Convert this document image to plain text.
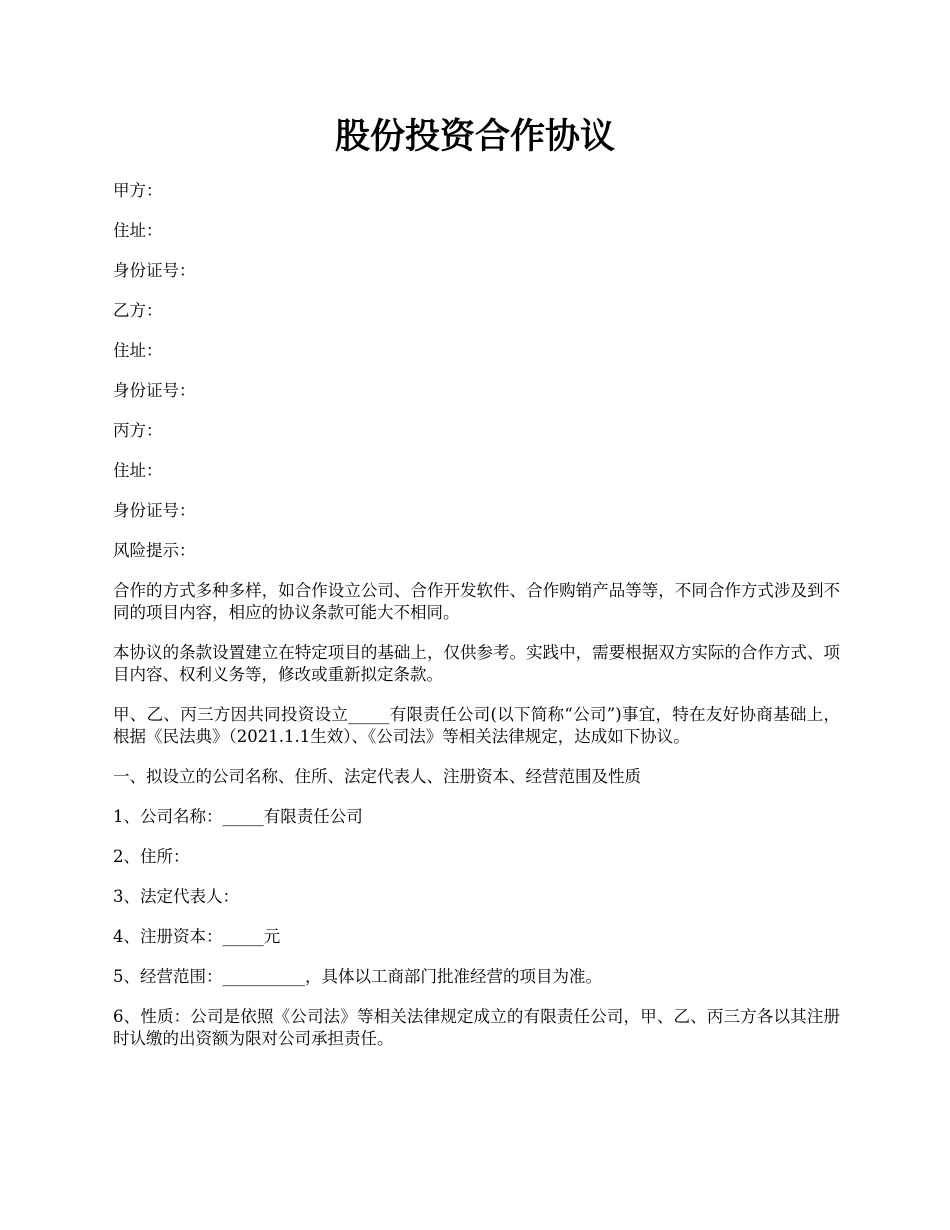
股份投资合作协议

甲方：

住址：

身份证号：

乙方：

住址：

身份证号：

丙方：

住址：

身份证号：

风险提示：

合作的方式多种多样，如合作设立公司、合作开发软件、合作购销产品等等，不同合作方式涉及到不同的项目内容，相应的协议条款可能大不相同。

本协议的条款设置建立在特定项目的基础上，仅供参考。实践中，需要根据双方实际的合作方式、项目内容、权利义务等，修改或重新拟定条款。

甲、乙、丙三方因共同投资设立_____有限责任公司(以下简称“公司”)事宜，特在友好协商基础上，根据《民法典》（2021.1.1生效）、《公司法》等相关法律规定，达成如下协议。

一、拟设立的公司名称、住所、法定代表人、注册资本、经营范围及性质

1、公司名称：_____有限责任公司

2、住所：

3、法定代表人：

4、注册资本：_____元

5、经营范围：__________，具体以工商部门批准经营的项目为准。

6、性质：公司是依照《公司法》等相关法律规定成立的有限责任公司，甲、乙、丙三方各以其注册时认缴的出资额为限对公司承担责任。
